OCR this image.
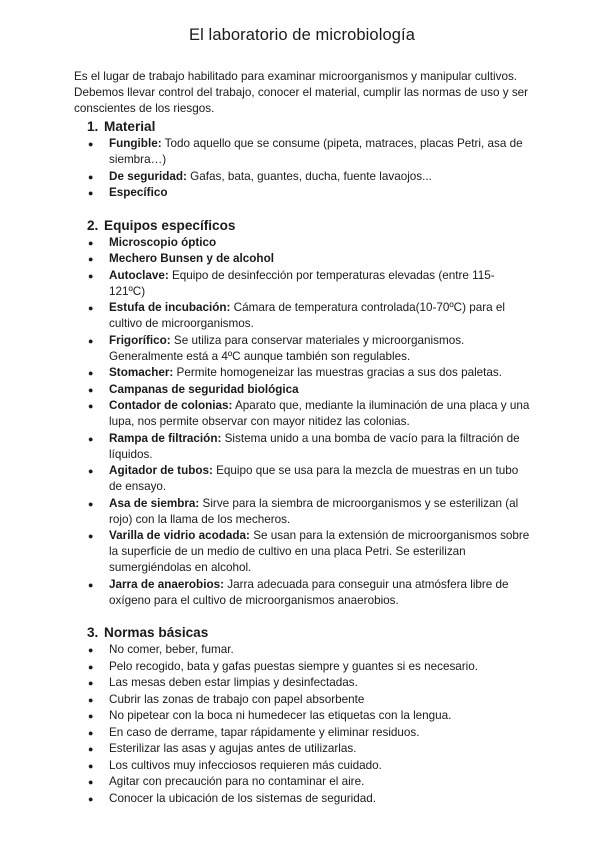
El laboratorio de microbiología

Es el lugar de trabajo habilitado para examinar microorganismos y manipular cultivos. Debemos llevar control del trabajo, conocer el material, cumplir las normas de uso y ser conscientes de los riesgos.

1. Material
● Fungible: Todo aquello que se consume (pipeta, matraces, placas Petri, asa de siembra…)
● De seguridad: Gafas, bata, guantes, ducha, fuente lavaojos...
● Específico
2. Equipos específicos
● Microscopio óptico
● Mechero Bunsen y de alcohol
● Autoclave: Equipo de desinfección por temperaturas elevadas (entre 115-121ºC)
● Estufa de incubación: Cámara de temperatura controlada(10-70ºC) para el cultivo de microorganismos.
● Frigorífico: Se utiliza para conservar materiales y microorganismos. Generalmente está a 4ºC aunque también son regulables.
● Stomacher: Permite homogeneizar las muestras gracias a sus dos paletas.
● Campanas de seguridad biológica
● Contador de colonias: Aparato que, mediante la iluminación de una placa y una lupa, nos permite observar con mayor nitidez las colonias.
● Rampa de filtración: Sistema unido a una bomba de vacío para la filtración de líquidos.
● Agitador de tubos: Equipo que se usa para la mezcla de muestras en un tubo de ensayo.
● Asa de siembra: Sirve para la siembra de microorganismos y se esterilizan (al rojo) con la llama de los mecheros.
● Varilla de vidrio acodada: Se usan para la extensión de microorganismos sobre la superficie de un medio de cultivo en una placa Petri. Se esterilizan sumergiéndolas en alcohol.
● Jarra de anaerobios: Jarra adecuada para conseguir una atmósfera libre de oxígeno para el cultivo de microorganismos anaerobios.
3. Normas básicas
● No comer, beber, fumar.
● Pelo recogido, bata y gafas puestas siempre y guantes si es necesario.
● Las mesas deben estar limpias y desinfectadas.
● Cubrir las zonas de trabajo con papel absorbente
● No pipetear con la boca ni humedecer las etiquetas con la lengua.
● En caso de derrame, tapar rápidamente y eliminar residuos.
● Esterilizar las asas y agujas antes de utilizarlas.
● Los cultivos muy infecciosos requieren más cuidado.
● Agitar con precaución para no contaminar el aire.
● Conocer la ubicación de los sistemas de seguridad.
